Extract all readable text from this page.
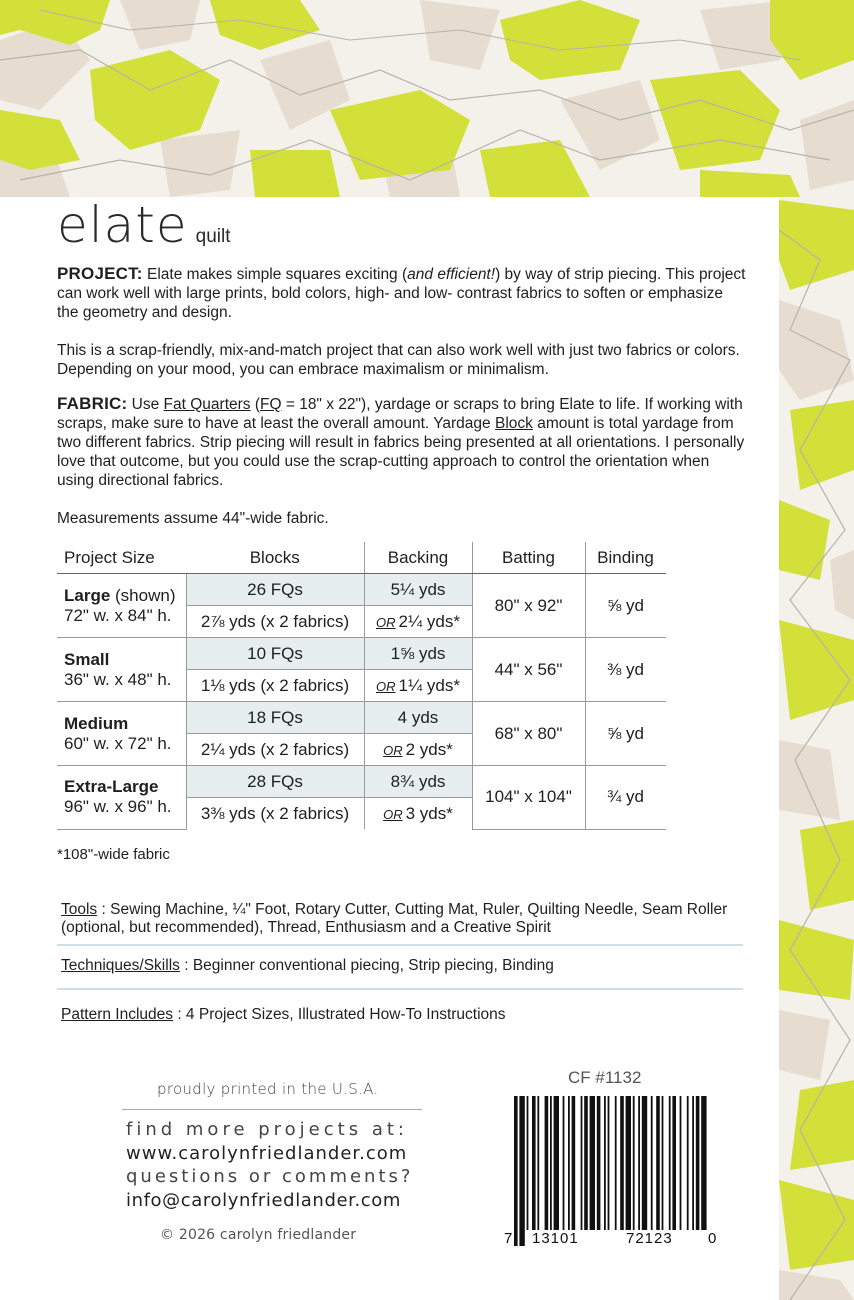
elate quilt
PROJECT: Elate makes simple squares exciting (and efficient!) by way of strip piecing. This project can work well with large prints, bold colors, high- and low- contrast fabrics to soften or emphasize the geometry and design.
This is a scrap-friendly, mix-and-match project that can also work well with just two fabrics or colors. Depending on your mood, you can embrace maximalism or minimalism.
FABRIC: Use Fat Quarters (FQ = 18" x 22"), yardage or scraps to bring Elate to life. If working with scraps, make sure to have at least the overall amount. Yardage Block amount is total yardage from two different fabrics. Strip piecing will result in fabrics being presented at all orientations. I personally love that outcome, but you could use the scrap-cutting approach to control the orientation when using directional fabrics.
Measurements assume 44"-wide fabric.
Project Size	Blocks	Backing	Batting	Binding
Large (shown)
72" w. x 84" h.	26 FQs	5¼ yds	80" x 92"	⅝ yd
	2⅞ yds (x 2 fabrics)	OR 2¼ yds*		
Small
36" w. x 48" h.	10 FQs	1⅝ yds	44" x 56"	⅜ yd
	1⅛ yds (x 2 fabrics)	OR 1¼ yds*		
Medium
60" w. x 72" h.	18 FQs	4 yds	68" x 80"	⅝ yd
	2¼ yds (x 2 fabrics)	OR 2 yds*		
Extra-Large
96" w. x 96" h.	28 FQs	8¾ yds	104" x 104"	¾ yd
	3⅜ yds (x 2 fabrics)	OR 3 yds*		
*108"-wide fabric
Tools : Sewing Machine, ¼" Foot, Rotary Cutter, Cutting Mat, Ruler, Quilting Needle, Seam Roller (optional, but recommended), Thread, Enthusiasm and a Creative Spirit
Techniques/Skills : Beginner conventional piecing, Strip piecing, Binding
Pattern Includes : 4 Project Sizes, Illustrated How-To Instructions
proudly printed in the U.S.A.
find more projects at:
www.carolynfriedlander.com
questions or comments?
info@carolynfriedlander.com
© 2026 carolyn friedlander
CF #1132
7 13101	72123 0
